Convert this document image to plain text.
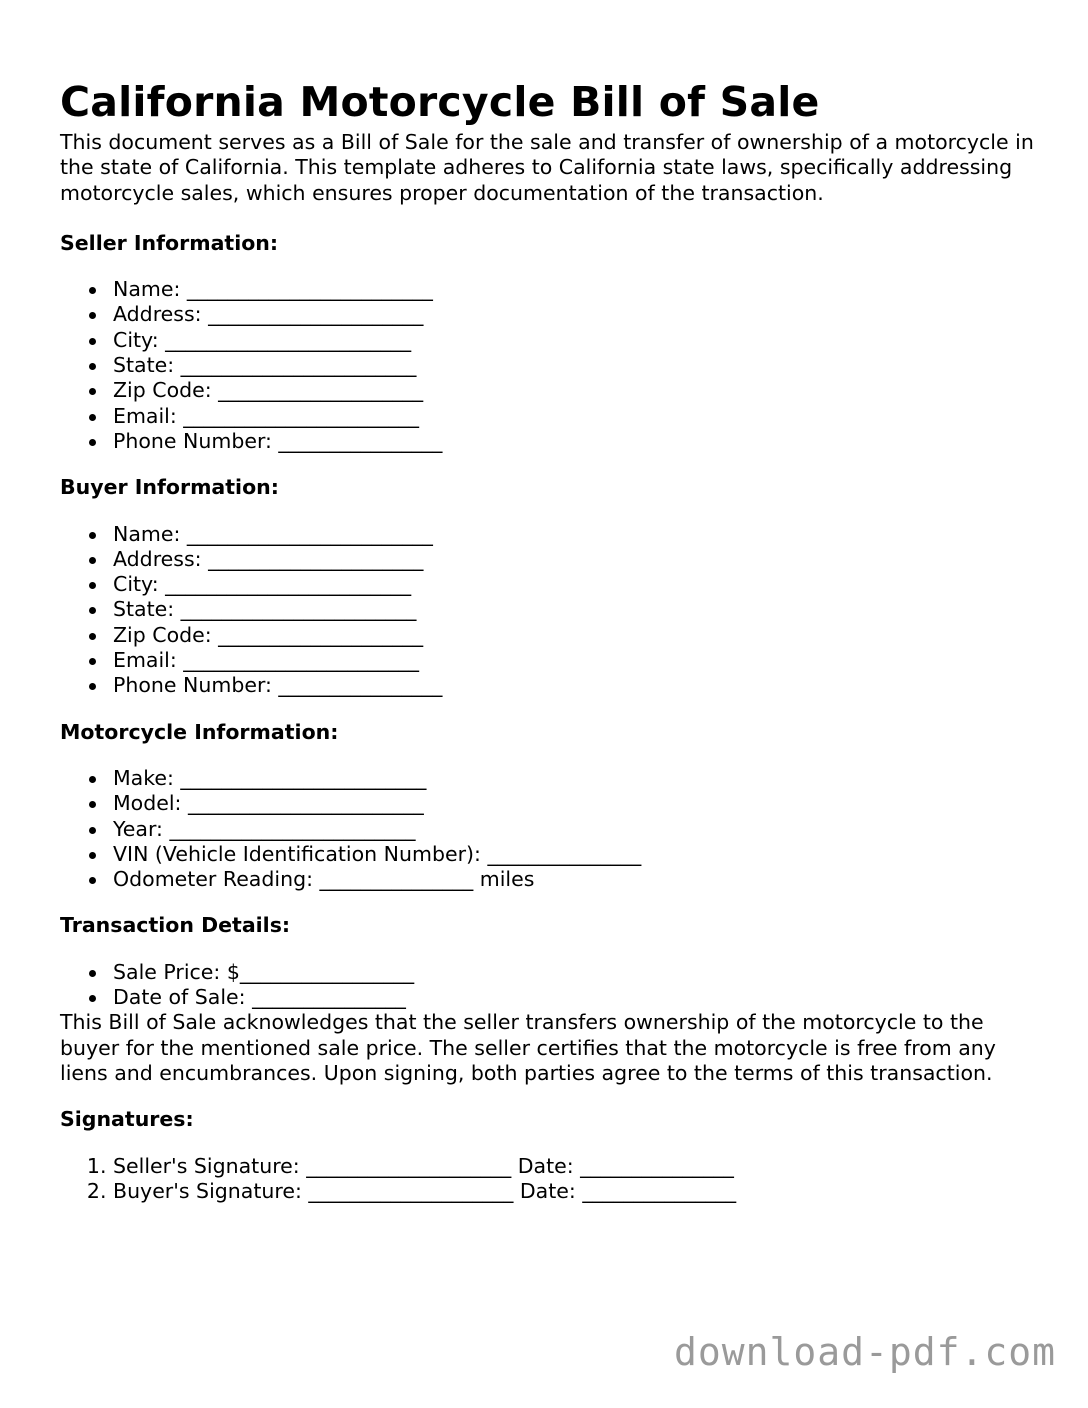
California Motorcycle Bill of Sale

This document serves as a Bill of Sale for the sale and transfer of ownership of a motorcycle in the state of California. This template adheres to California state laws, specifically addressing motorcycle sales, which ensures proper documentation of the transaction.

Seller Information:
Name: ________________________
Address: _____________________
City: ________________________
State: _______________________
Zip Code: ____________________
Email: _______________________
Phone Number: ________________
Buyer Information:
Name: ________________________
Address: _____________________
City: ________________________
State: _______________________
Zip Code: ____________________
Email: _______________________
Phone Number: ________________
Motorcycle Information:
Make: ________________________
Model: _______________________
Year: ________________________
VIN (Vehicle Identification Number): _______________
Odometer Reading: _______________ miles
Transaction Details:
Sale Price: $_________________
Date of Sale: _______________

This Bill of Sale acknowledges that the seller transfers ownership of the motorcycle to the buyer for the mentioned sale price. The seller certifies that the motorcycle is free from any liens and encumbrances. Upon signing, both parties agree to the terms of this transaction.

Signatures:
1. Seller's Signature: ____________________ Date: _______________
2. Buyer's Signature: ____________________ Date: _______________
download-pdf.com
